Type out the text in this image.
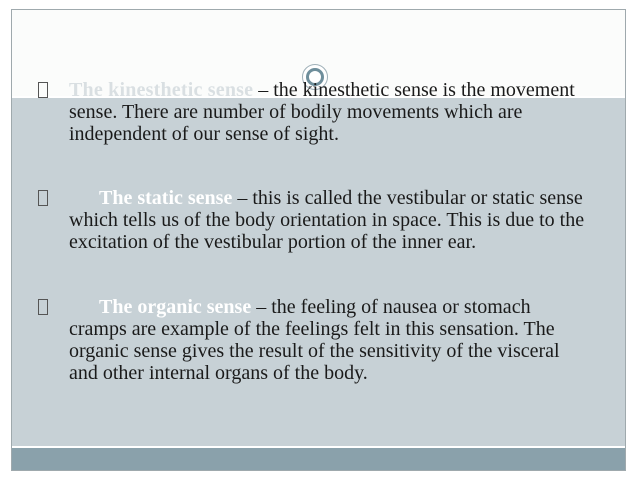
The kinesthetic sense – the kinesthetic sense is the movement sense. There are number of bodily movements which are independent of our sense of sight.
The static sense – this is called the vestibular or static sense which tells us of the body orientation in space. This is due to the excitation of the vestibular portion of the inner ear.
The organic sense – the feeling of nausea or stomach cramps are example of the feelings felt in this sensation. The organic sense gives the result of the sensitivity of the visceral and other internal organs of the body.
